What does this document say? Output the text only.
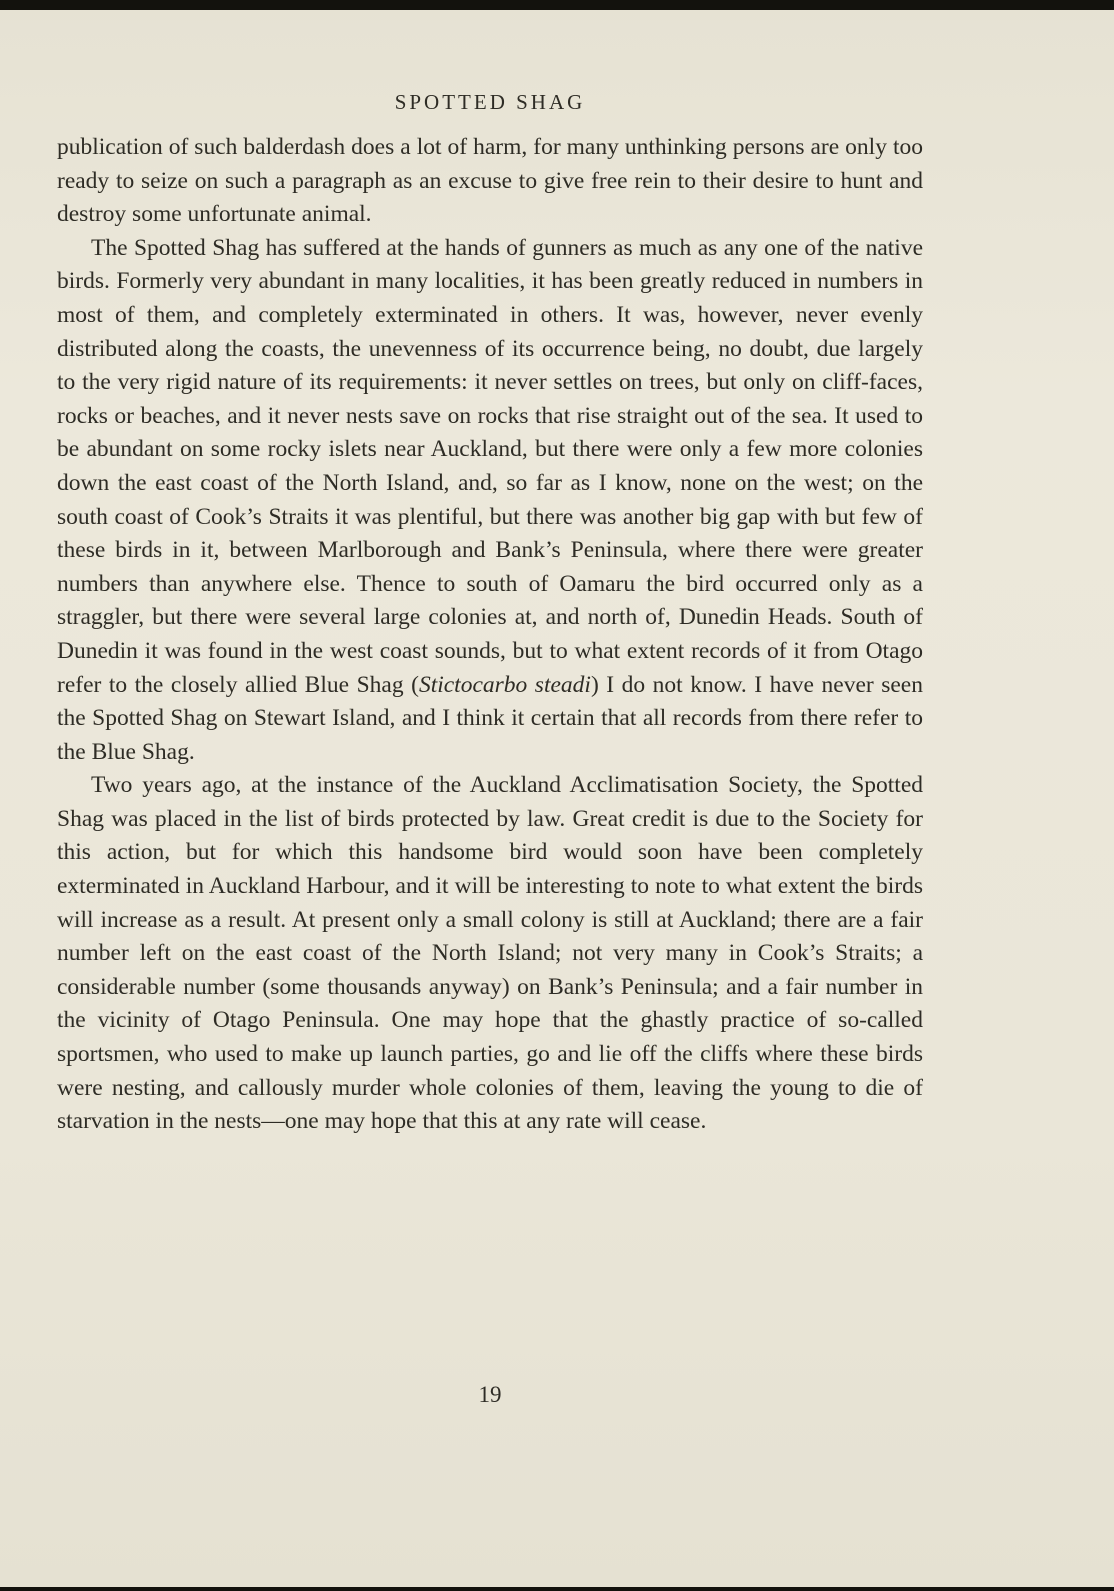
SPOTTED SHAG

publication of such balderdash does a lot of harm, for many unthinking persons are only too ready to seize on such a paragraph as an excuse to give free rein to their desire to hunt and destroy some unfortunate animal.

The Spotted Shag has suffered at the hands of gunners as much as any one of the native birds. Formerly very abundant in many localities, it has been greatly reduced in numbers in most of them, and completely exterminated in others. It was, however, never evenly distributed along the coasts, the unevenness of its occurrence being, no doubt, due largely to the very rigid nature of its requirements: it never settles on trees, but only on cliff-faces, rocks or beaches, and it never nests save on rocks that rise straight out of the sea. It used to be abundant on some rocky islets near Auckland, but there were only a few more colonies down the east coast of the North Island, and, so far as I know, none on the west; on the south coast of Cook’s Straits it was plentiful, but there was another big gap with but few of these birds in it, between Marlborough and Bank’s Peninsula, where there were greater numbers than anywhere else. Thence to south of Oamaru the bird occurred only as a straggler, but there were several large colonies at, and north of, Dunedin Heads. South of Dunedin it was found in the west coast sounds, but to what extent records of it from Otago refer to the closely allied Blue Shag (Stictocarbo steadi) I do not know. I have never seen the Spotted Shag on Stewart Island, and I think it certain that all records from there refer to the Blue Shag.

Two years ago, at the instance of the Auckland Acclimatisation Society, the Spotted Shag was placed in the list of birds protected by law. Great credit is due to the Society for this action, but for which this handsome bird would soon have been completely exterminated in Auckland Harbour, and it will be interesting to note to what extent the birds will increase as a result. At present only a small colony is still at Auckland; there are a fair number left on the east coast of the North Island; not very many in Cook’s Straits; a considerable number (some thousands anyway) on Bank’s Peninsula; and a fair number in the vicinity of Otago Peninsula. One may hope that the ghastly practice of so-called sportsmen, who used to make up launch parties, go and lie off the cliffs where these birds were nesting, and callously murder whole colonies of them, leaving the young to die of starvation in the nests—one may hope that this at any rate will cease.

19
